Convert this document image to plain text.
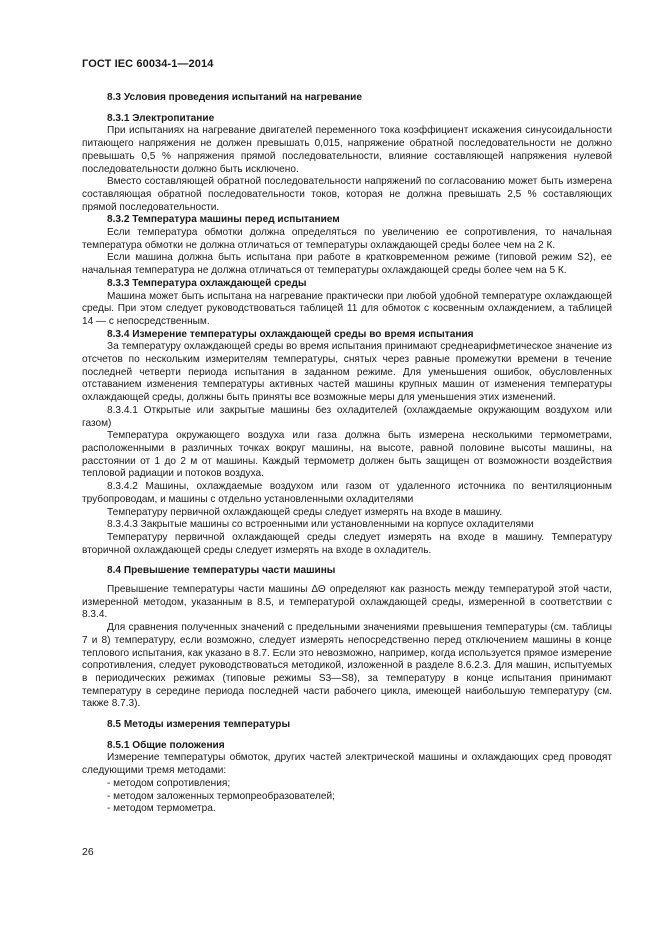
ГОСТ IEC 60034-1—2014

8.3 Условия проведения испытаний на нагревание

8.3.1 Электропитание

При испытаниях на нагревание двигателей переменного тока коэффициент искажения синусоидальности питающего напряжения не должен превышать 0,015, напряжение обратной последовательности не должно превышать 0,5 % напряжения прямой последовательности, влияние составляющей напряжения нулевой последовательности должно быть исключено.

Вместо составляющей обратной последовательности напряжений по согласованию может быть измерена составляющая обратной последовательности токов, которая не должна превышать 2,5 % составляющих прямой последовательности.

8.3.2 Температура машины перед испытанием

Если температура обмотки должна определяться по увеличению ее сопротивления, то начальная температура обмотки не должна отличаться от температуры охлаждающей среды более чем на 2 К.

Если машина должна быть испытана при работе в кратковременном режиме (типовой режим S2), ее начальная температура не должна отличаться от температуры охлаждающей среды более чем на 5 К.

8.3.3 Температура охлаждающей среды

Машина может быть испытана на нагревание практически при любой удобной температуре охлаждающей среды. При этом следует руководствоваться таблицей 11 для обмоток с косвенным охлаждением, а таблицей 14 — с непосредственным.

8.3.4 Измерение температуры охлаждающей среды во время испытания

За температуру охлаждающей среды во время испытания принимают среднеарифметическое значение из отсчетов по нескольким измерителям температуры, снятых через равные промежутки времени в течение последней четверти периода испытания в заданном режиме. Для уменьшения ошибок, обусловленных отставанием изменения температуры активных частей машины крупных машин от изменения температуры охлаждающей среды, должны быть приняты все возможные меры для уменьшения этих изменений.

8.3.4.1 Открытые или закрытые машины без охладителей (охлаждаемые окружающим воздухом или газом)

Температура окружающего воздуха или газа должна быть измерена несколькими термометрами, расположенными в различных точках вокруг машины, на высоте, равной половине высоты машины, на расстоянии от 1 до 2 м от машины. Каждый термометр должен быть защищен от возможности воздействия тепловой радиации и потоков воздуха.

8.3.4.2 Машины, охлаждаемые воздухом или газом от удаленного источника по вентиляционным трубопроводам, и машины с отдельно установленными охладителями

Температуру первичной охлаждающей среды следует измерять на входе в машину.

8.3.4.3 Закрытые машины со встроенными или установленными на корпусе охладителями

Температуру первичной охлаждающей среды следует измерять на входе в машину. Температуру вторичной охлаждающей среды следует измерять на входе в охладитель.

8.4 Превышение температуры части машины

Превышение температуры части машины ΔΘ определяют как разность между температурой этой части, измеренной методом, указанным в 8.5, и температурой охлаждающей среды, измеренной в соответствии с 8.3.4.

Для сравнения полученных значений с предельными значениями превышения температуры (см. таблицы 7 и 8) температуру, если возможно, следует измерять непосредственно перед отключением машины в конце теплового испытания, как указано в 8.7. Если это невозможно, например, когда используется прямое измерение сопротивления, следует руководствоваться методикой, изложенной в разделе 8.6.2.3. Для машин, испытуемых в периодических режимах (типовые режимы S3—S8), за температуру в конце испытания принимают температуру в середине периода последней части рабочего цикла, имеющей наибольшую температуру (см. также 8.7.3).

8.5 Методы измерения температуры

8.5.1 Общие положения

Измерение температуры обмоток, других частей электрической машины и охлаждающих сред проводят следующими тремя методами:

- методом сопротивления;

- методом заложенных термопреобразователей;

- методом термометра.

26
